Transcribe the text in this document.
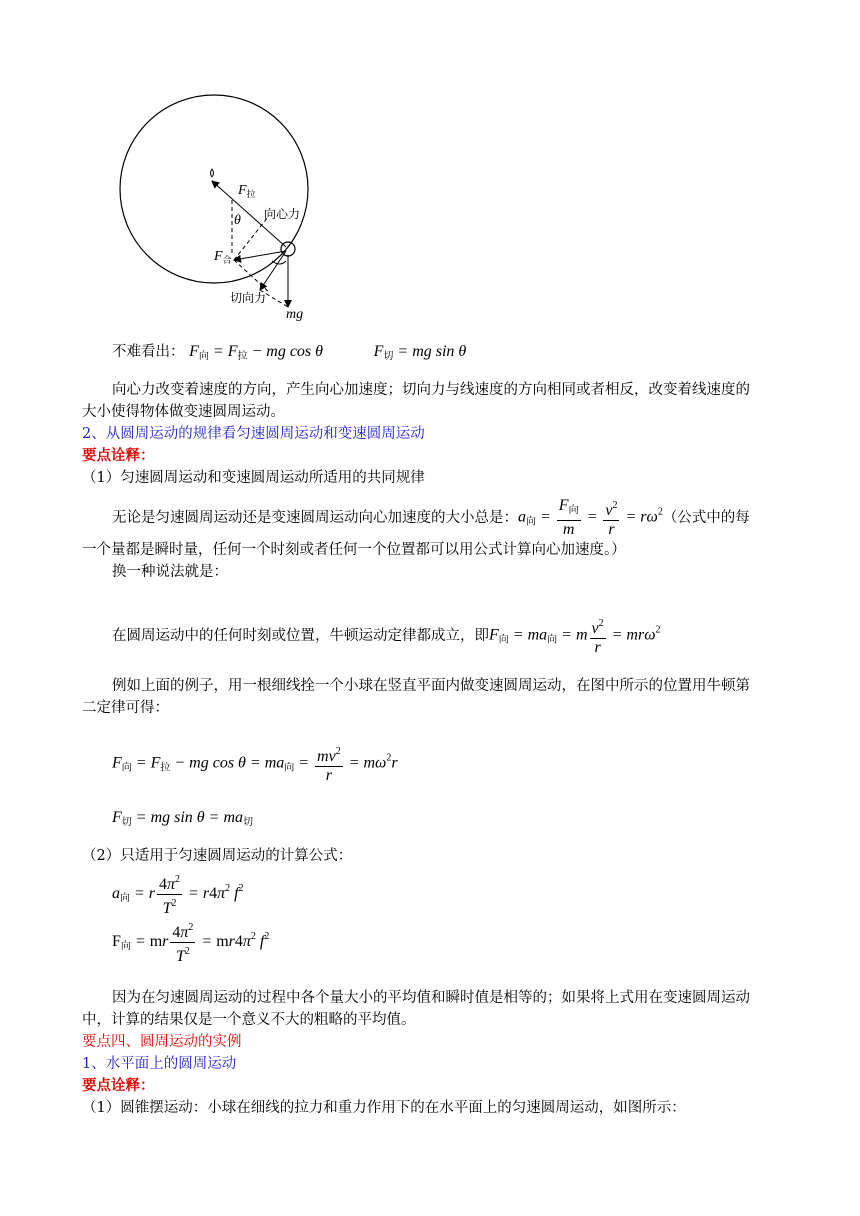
$F_拉$
θ 向心力
$F_合$
切向力
mg
不难看出： $F_向 = F_拉$ − mg cos θ	$F_切$ = mg sin θ
向心力改变着速度的方向，产生向心加速度；切向力与线速度的方向相同或者相反，改变着线速度的
大小使得物体做变速圆周运动。
2、从圆周运动的规律看匀速圆周运动和变速圆周运动
要点诠释：
（1）匀速圆周运动和变速圆周运动所适用的共同规律
无论是匀速圆周运动还是变速圆周运动向心加速度的大小总是： $a_向 = \frac{F_向}{m} = \frac{v^2}{r} = r\omega^2$ （公式中的每
一个量都是瞬时量，任何一个时刻或者任何一个位置都可以用公式计算向心加速度。）
换一种说法就是：
在圆周运动中的任何时刻或位置，牛顿运动定律都成立，即 $F_向 = ma_向 = m \frac{v^2}{r} = mr\omega^2$
例如上面的例子，用一根细线拴一个小球在竖直平面内做变速圆周运动，在图中所示的位置用牛顿第
二定律可得：
$F_向 = F_拉$ − mg $\cos \theta = ma_向 = \frac{mv^2}{r} = m\omega^2r$
$F_切$ = mg $\sin \theta = ma_切$
（2）只适用于匀速圆周运动的计算公式：
$a_向 = r \frac{4\pi^2}{T^2} = r4\pi^2$ $f^2$
$F_向$ = mr $\frac{4\pi^2}{T^2} = mr4\pi^2$ $f^2$
因为在匀速圆周运动的过程中各个量大小的平均值和瞬时值是相等的；如果将上式用在变速圆周运动
中，计算的结果仅是一个意义不大的粗略的平均值。
要点四、圆周运动的实例
1、水平面上的圆周运动
要点诠释：
（1）圆锥摆运动：小球在细线的拉力和重力作用下的在水平面上的匀速圆周运动，如图所示：
